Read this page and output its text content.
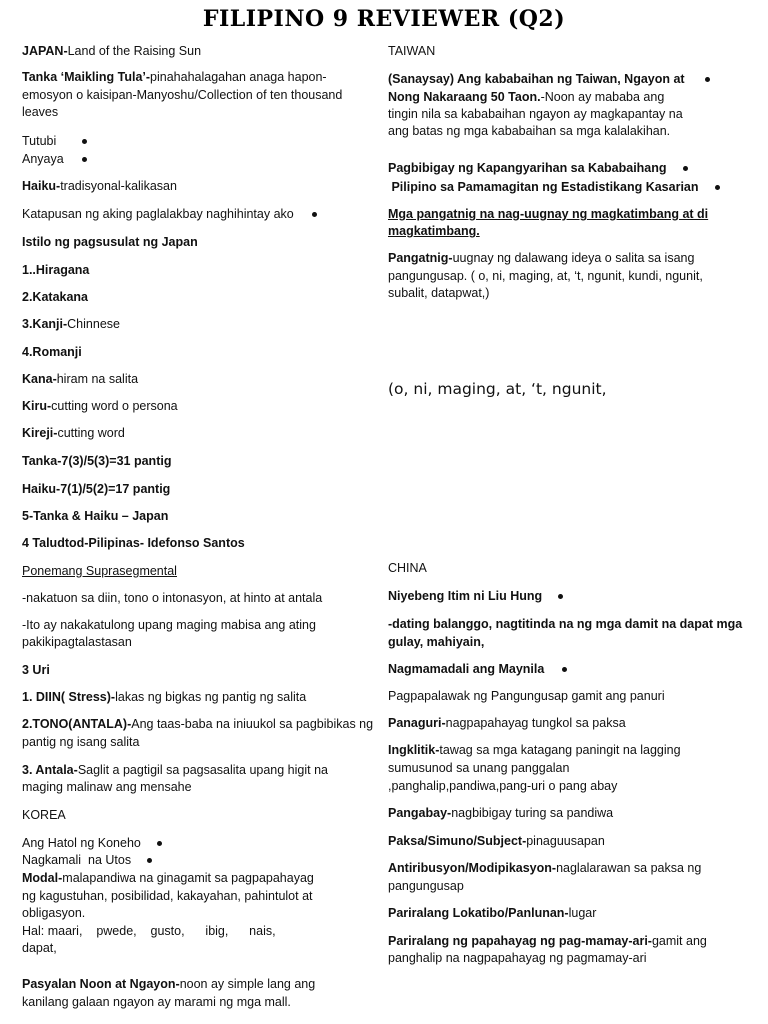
FILIPINO 9 REVIEWER (Q2)
JAPAN-Land of the Raising Sun
Tanka ‘Maikling Tula’-pinahahalagahan anaga hapon-
emosyon o kaisipan-Manyoshu/Collection of ten thousand
leaves
Tutubi
Anyaya
Haiku-tradisyonal-kalikasan
Katapusan ng aking paglalakbay naghihintay ako
Istilo ng pagsusulat ng Japan
1..Hiragana
2.Katakana
3.Kanji-Chinnese
4.Romanji
Kana-hiram na salita
Kiru-cutting word o persona
Kireji-cutting word
Tanka-7(3)/5(3)=31 pantig
Haiku-7(1)/5(2)=17 pantig
5-Tanka & Haiku – Japan
4 Taludtod-Pilipinas- Idefonso Santos
Ponemang Suprasegmental
-nakatuon sa diin, tono o intonasyon, at hinto at antala
-Ito ay nakakatulong upang maging mabisa ang ating
pakikipagtalastasan
3 Uri
1. DIIN( Stress)-lakas ng bigkas ng pantig ng salita
2.TONO(ANTALA)-Ang taas-baba na iniuukol sa pagbibikas ng
pantig ng isang salita
3. Antala-Saglit a pagtigil sa pagsasalita upang higit na
maging malinaw ang mensahe
KOREA
Ang Hatol ng Koneho
Nagkamali  na Utos
Modal-malapandiwa na ginagamit sa pagpapahayag
ng kagustuhan, posibilidad, kakayahan, pahintulot at
obligasyon.
Hal: maari,    pwede,    gusto,      ibig,      nais,
dapat,
Pasyalan Noon at Ngayon-noon ay simple lang ang
kanilang galaan ngayon ay marami ng mga mall.
TAIWAN
(Sanaysay) Ang kababaihan ng Taiwan, Ngayon at
Nong Nakaraang 50 Taon.-Noon ay mababa ang
tingin nila sa kababaihan ngayon ay magkapantay na
ang batas ng mga kababaihan sa mga kalalakihan.
Pagbibigay ng Kapangyarihan sa Kababaihang
Pilipino sa Pamamagitan ng Estadistikang Kasarian
Mga pangatnig na nag-uugnay ng magkatimbang at di
magkatimbang.
Pangatnig-uugnay ng dalawang ideya o salita sa isang
pangungusap. ( o, ni, maging, at, ‘t, ngunit, kundi, ngunit,
subalit, datapwat,)
(o, ni, maging, at, ‘t, ngunit,
CHINA
Niyebeng Itim ni Liu Hung
-dating balanggo, nagtitinda na ng mga damit na dapat mga
gulay, mahiyain,
Nagmamadali ang Maynila
Pagpapalawak ng Pangungusap gamit ang panuri
Panaguri-nagpapahayag tungkol sa paksa
Ingklitik-tawag sa mga katagang paningit na lagging
sumusunod sa unang panggalan
,panghalip,pandiwa,pang-uri o pang abay
Pangabay-nagbibigay turing sa pandiwa
Paksa/Simuno/Subject-pinaguusapan
Antiribusyon/Modipikasyon-naglalarawan sa paksa ng
pangungusap
Pariralang Lokatibo/Panlunan-lugar
Pariralang ng papahayag ng pag-mamay-ari-gamit ang
panghalip na nagpapahayag ng pagmamay-ari
